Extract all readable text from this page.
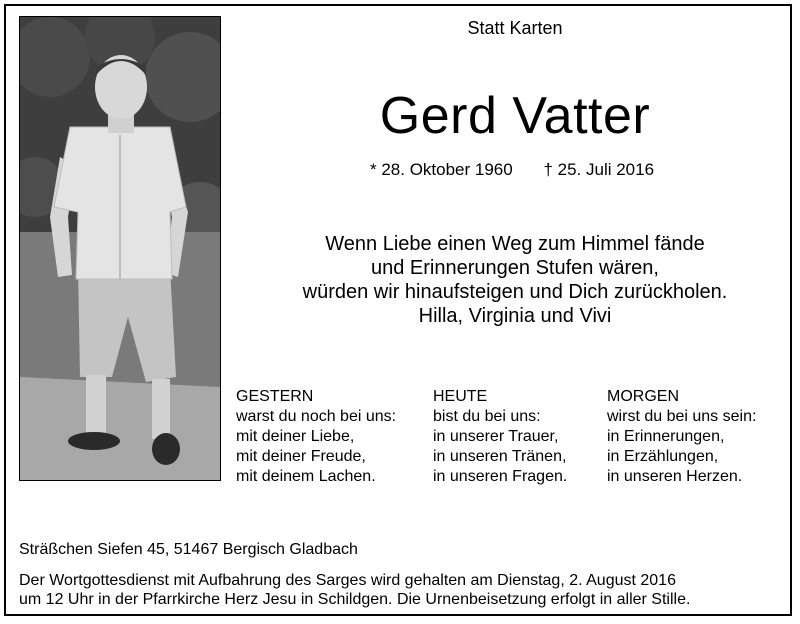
Statt Karten
Gerd Vatter
* 28. Oktober 1960 † 25. Juli 2016
Wenn Liebe einen Weg zum Himmel fände
und Erinnerungen Stufen wären,
würden wir hinaufsteigen und Dich zurückholen.
Hilla, Virginia und Vivi
GESTERN
warst du noch bei uns:
mit deiner Liebe,
mit deiner Freude,
mit deinem Lachen.
HEUTE
bist du bei uns:
in unserer Trauer,
in unseren Tränen,
in unseren Fragen.
MORGEN
wirst du bei uns sein:
in Erinnerungen,
in Erzählungen,
in unseren Herzen.
Sträßchen Siefen 45, 51467 Bergisch Gladbach
Der Wortgottesdienst mit Aufbahrung des Sarges wird gehalten am Dienstag, 2. August 2016
um 12 Uhr in der Pfarrkirche Herz Jesu in Schildgen. Die Urnenbeisetzung erfolgt in aller Stille.
